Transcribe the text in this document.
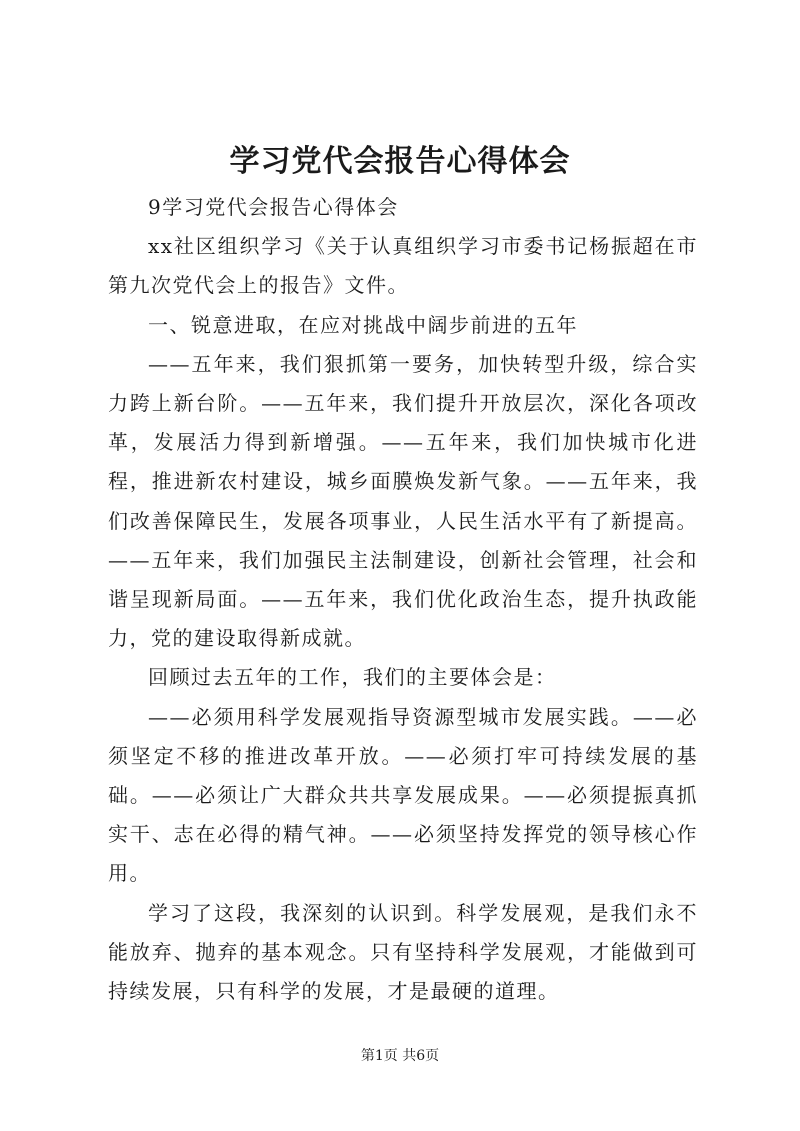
学习党代会报告心得体会

9学习党代会报告心得体会

xx社区组织学习《关于认真组织学习市委书记杨振超在市第九次党代会上的报告》文件。

一、锐意进取，在应对挑战中阔步前进的五年

——五年来，我们狠抓第一要务，加快转型升级，综合实力跨上新台阶。——五年来，我们提升开放层次，深化各项改革，发展活力得到新增强。——五年来，我们加快城市化进程，推进新农村建设，城乡面膜焕发新气象。——五年来，我们改善保障民生，发展各项事业，人民生活水平有了新提高。——五年来，我们加强民主法制建设，创新社会管理，社会和谐呈现新局面。——五年来，我们优化政治生态，提升执政能力，党的建设取得新成就。

回顾过去五年的工作，我们的主要体会是：

——必须用科学发展观指导资源型城市发展实践。——必须坚定不移的推进改革开放。——必须打牢可持续发展的基础。——必须让广大群众共共享发展成果。——必须提振真抓实干、志在必得的精气神。——必须坚持发挥党的领导核心作用。

学习了这段，我深刻的认识到。科学发展观，是我们永不能放弃、抛弃的基本观念。只有坚持科学发展观，才能做到可持续发展，只有科学的发展，才是最硬的道理。

第1页 共6页
